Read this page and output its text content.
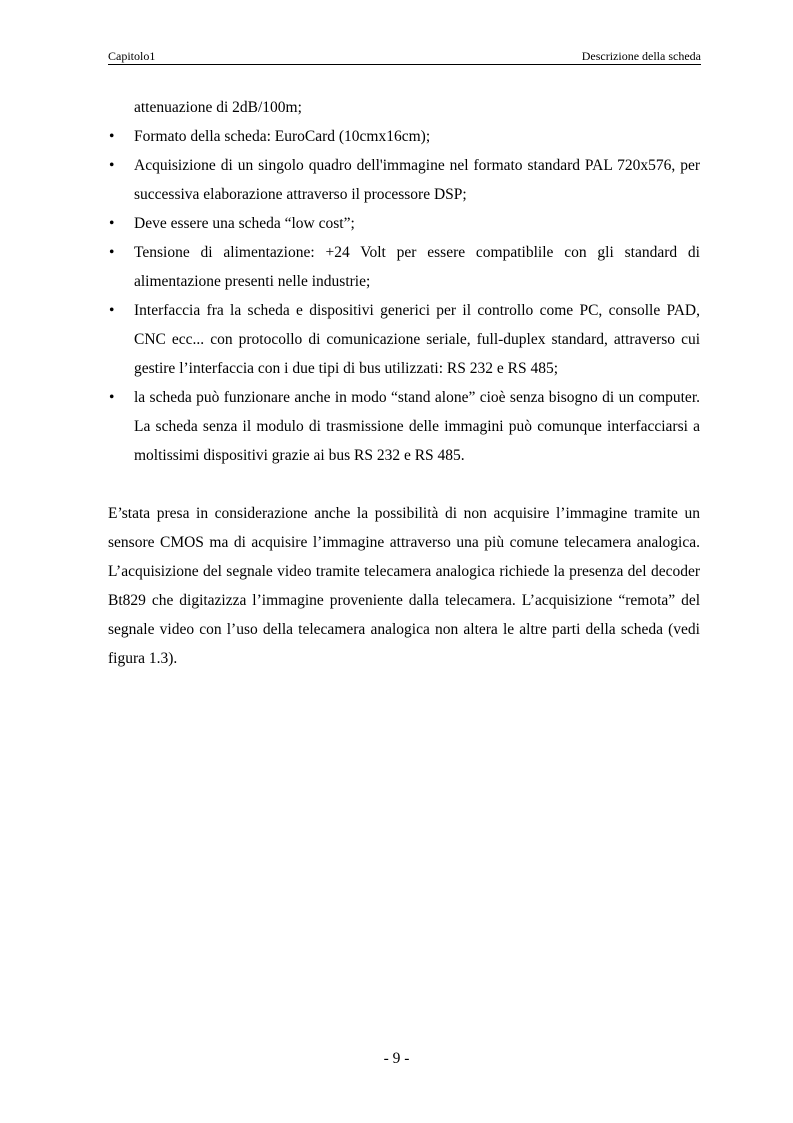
Capitolo1	Descrizione della scheda
attenuazione di 2dB/100m;
• Formato della scheda: EuroCard (10cmx16cm);
• Acquisizione di un singolo quadro dell'immagine nel formato standard PAL 720x576, per successiva elaborazione attraverso il processore DSP;
• Deve essere una scheda “low cost”;
• Tensione di alimentazione: +24 Volt per essere compatiblile con gli standard di alimentazione presenti nelle industrie;
• Interfaccia fra la scheda e dispositivi generici per il controllo come PC, consolle PAD, CNC ecc... con protocollo di comunicazione seriale, full-duplex standard, attraverso cui gestire l’interfaccia con i due tipi di bus utilizzati: RS 232 e RS 485;
• la scheda può funzionare anche in modo “stand alone” cioè senza bisogno di un computer. La scheda senza il modulo di trasmissione delle immagini può comunque interfacciarsi a moltissimi dispositivi grazie ai bus RS 232 e RS 485.

E’stata presa in considerazione anche la possibilità di non acquisire l’immagine tramite un sensore CMOS ma di acquisire l’immagine attraverso una più comune telecamera analogica. L’acquisizione del segnale video tramite telecamera analogica richiede la presenza del decoder Bt829 che digitazizza l’immagine proveniente dalla telecamera. L’acquisizione “remota” del segnale video con l’uso della telecamera analogica non altera le altre parti della scheda (vedi figura 1.3).

- 9 -
